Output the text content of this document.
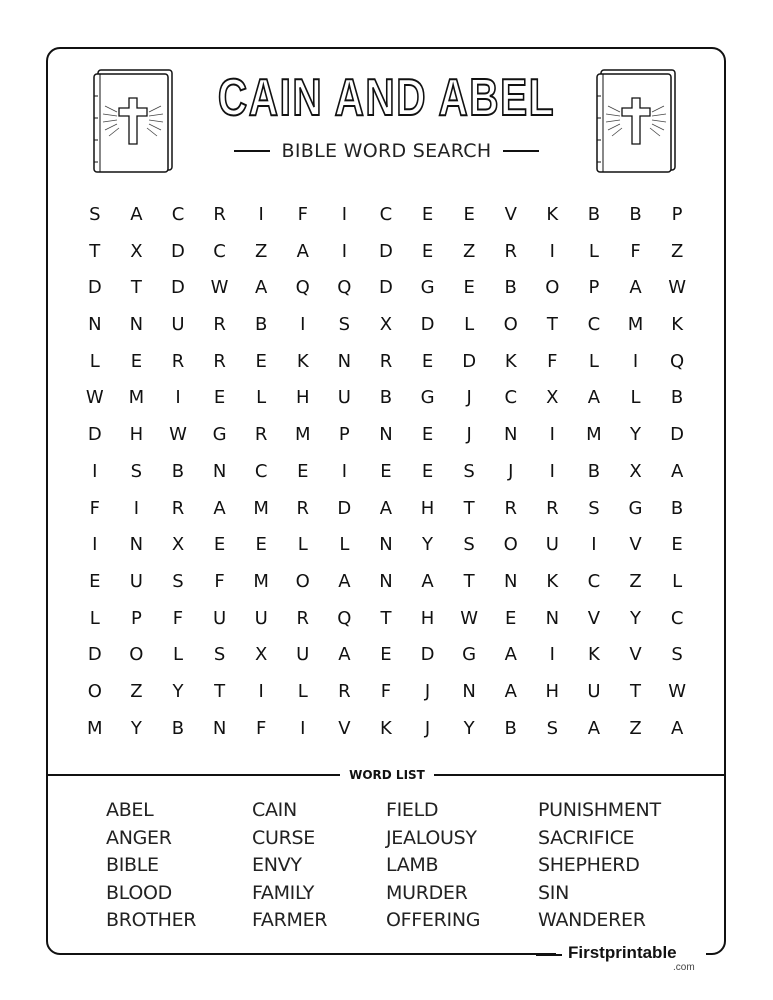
CAIN AND ABEL
BIBLE WORD SEARCH
S	A	C	R	I	F	I	C	E	E	V	K	B	B	P
T	X	D	C	Z	A	I	D	E	Z	R	I	L	F	Z
D	T	D	W	A	Q	Q	D	G	E	B	O	P	A	W
N	N	U	R	B	I	S	X	D	L	O	T	C	M	K
L	E	R	R	E	K	N	R	E	D	K	F	L	I	Q
W	M	I	E	L	H	U	B	G	J	C	X	A	L	B
D	H	W	G	R	M	P	N	E	J	N	I	M	Y	D
I	S	B	N	C	E	I	E	E	S	J	I	B	X	A
F	I	R	A	M	R	D	A	H	T	R	R	S	G	B
I	N	X	E	E	L	L	N	Y	S	O	U	I	V	E
E	U	S	F	M	O	A	N	A	T	N	K	C	Z	L
L	P	F	U	U	R	Q	T	H	W	E	N	V	Y	C
D	O	L	S	X	U	A	E	D	G	A	I	K	V	S
O	Z	Y	T	I	L	R	F	J	N	A	H	U	T	W
M	Y	B	N	F	I	V	K	J	Y	B	S	A	Z	A
WORD LIST
ABEL
ANGER
BIBLE
BLOOD
BROTHER
CAIN
CURSE
ENVY
FAMILY
FARMER
FIELD
JEALOUSY
LAMB
MURDER
OFFERING
PUNISHMENT
SACRIFICE
SHEPHERD
SIN
WANDERER
Firstprintable
.com
